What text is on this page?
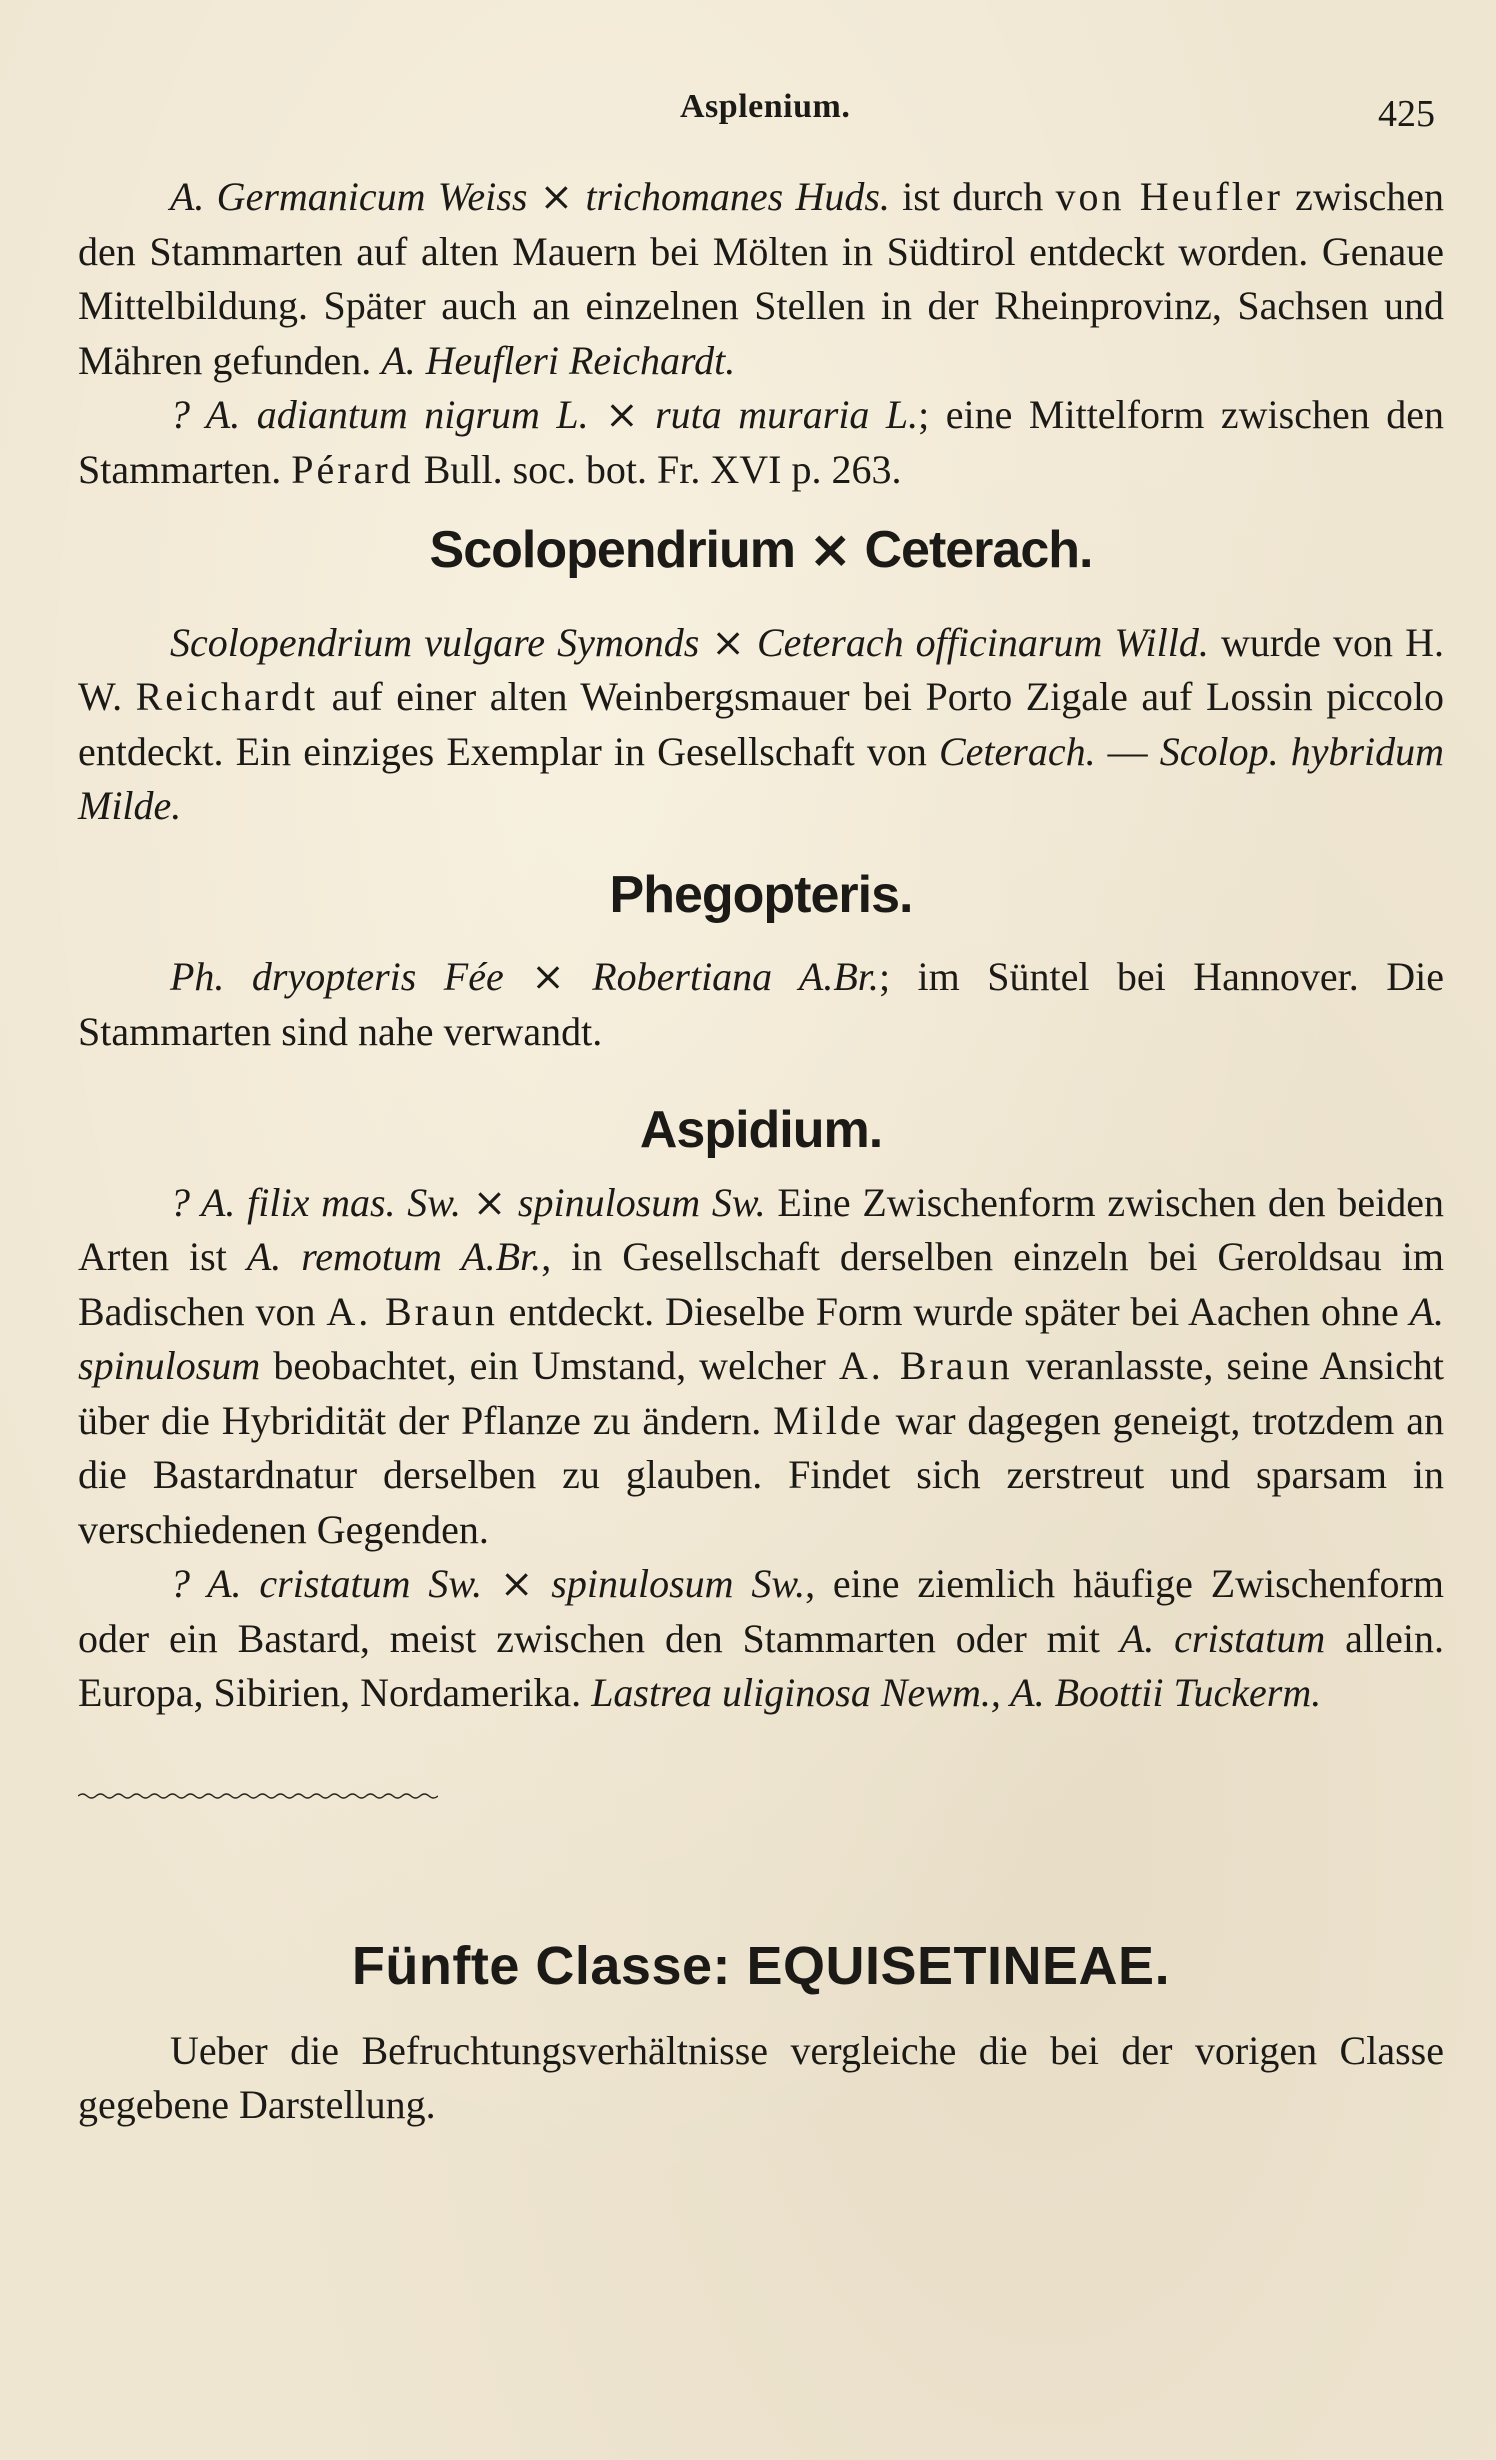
Asplenium.	425

A. Germanicum Weiss ⨯ trichomanes Huds. ist durch von Heufler zwischen den Stammarten auf alten Mauern bei Mölten in Südtirol entdeckt worden. Genaue Mittelbildung. Später auch an einzelnen Stellen in der Rheinprovinz, Sachsen und Mähren gefunden. A. Heufleri Reichardt.

? A. adiantum nigrum L. ⨯ ruta muraria L.; eine Mittelform zwischen den Stammarten. Pérard Bull. soc. bot. Fr. XVI p. 263.

Scolopendrium ⨯ Ceterach.

Scolopendrium vulgare Symonds ⨯ Ceterach officinarum Willd. wurde von H. W. Reichardt auf einer alten Weinbergsmauer bei Porto Zigale auf Lossin piccolo entdeckt. Ein einziges Exemplar in Gesellschaft von Ceterach. — Scolop. hybridum Milde.

Phegopteris.

Ph. dryopteris Fée ⨯ Robertiana A.Br.; im Süntel bei Hannover. Die Stammarten sind nahe verwandt.

Aspidium.

? A. filix mas. Sw. ⨯ spinulosum Sw. Eine Zwischenform zwischen den beiden Arten ist A. remotum A.Br., in Gesellschaft derselben einzeln bei Geroldsau im Badischen von A. Braun entdeckt. Dieselbe Form wurde später bei Aachen ohne A. spinulosum beobachtet, ein Umstand, welcher A. Braun veranlasste, seine Ansicht über die Hybridität der Pflanze zu ändern. Milde war dagegen geneigt, trotzdem an die Bastardnatur derselben zu glauben. Findet sich zerstreut und sparsam in verschiedenen Gegenden.

? A. cristatum Sw. ⨯ spinulosum Sw., eine ziemlich häufige Zwischenform oder ein Bastard, meist zwischen den Stammarten oder mit A. cristatum allein. Europa, Sibirien, Nordamerika. Lastrea uliginosa Newm., A. Boottii Tuckerm.

Fünfte Classe: EQUISETINEAE.

Ueber die Befruchtungsverhältnisse vergleiche die bei der vorigen Classe gegebene Darstellung.
